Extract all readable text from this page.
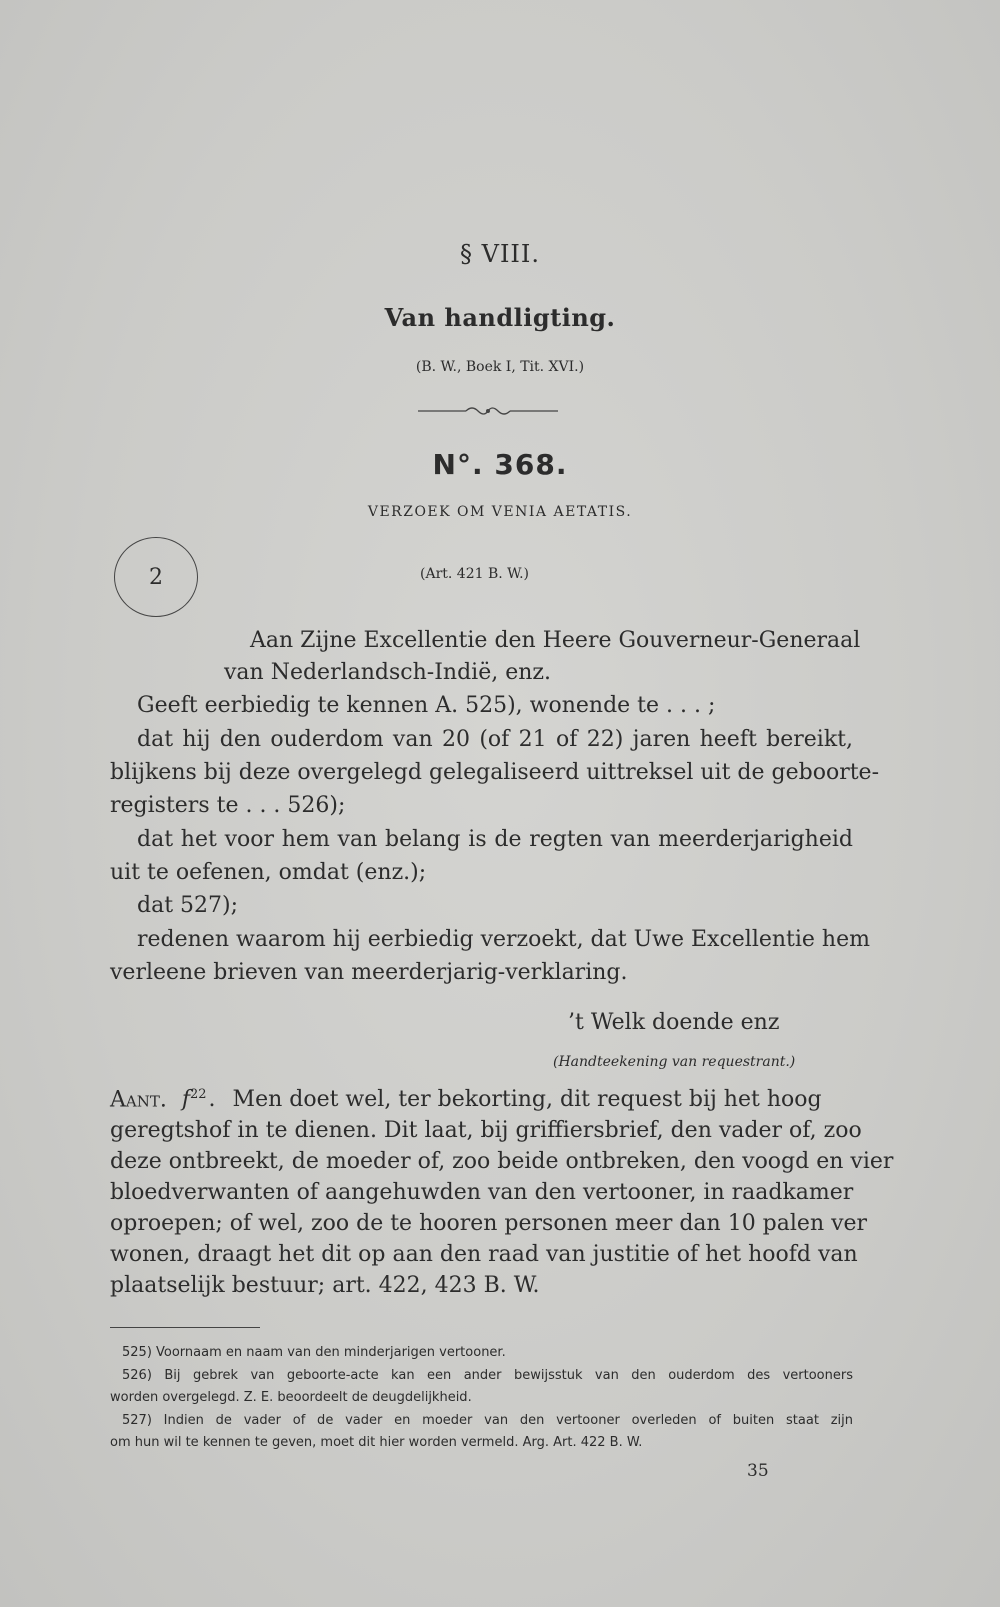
§ VIII.
Van handligting.
(B. W., Boek I, Tit. XVI.)
N°. 368.
VERZOEK OM VENIA AETATIS.
2	(Art. 421 B. W.)
Aan Zijne Excellentie den Heere Gouverneur-Generaal
van Nederlandsch-Indië, enz.
Geeft eerbiedig te kennen A. 525), wonende te . . . ;
dat hij den ouderdom van 20 (of 21 of 22) jaren heeft bereikt,
blijkens bij deze overgelegd gelegaliseerd uittreksel uit de geboorte-
registers te . . . 526);
dat het voor hem van belang is de regten van meerderjarigheid
uit te oefenen, omdat (enz.);
dat 527);
redenen waarom hij eerbiedig verzoekt, dat Uwe Excellentie hem
verleene brieven van meerderjarig-verklaring.
’t Welk doende enz
(Handteekening van requestrant.)
Aant. $f^{22}$. Men doet wel, ter bekorting, dit request bij het hoog
geregtshof in te dienen. Dit laat, bij griffiersbrief, den vader of, zoo
deze ontbreekt, de moeder of, zoo beide ontbreken, den voogd en vier
bloedverwanten of aangehuwden van den vertooner, in raadkamer
oproepen; of wel, zoo de te hooren personen meer dan 10 palen ver
wonen, draagt het dit op aan den raad van justitie of het hoofd van
plaatselijk bestuur; art. 422, 423 B. W.
525) Voornaam en naam van den minderjarigen vertooner.
526) Bij gebrek van geboorte-acte kan een ander bewijsstuk van den ouderdom des vertooners
worden overgelegd. Z. E. beoordeelt de deugdelijkheid.
527) Indien de vader of de vader en moeder van den vertooner overleden of buiten staat zijn
om hun wil te kennen te geven, moet dit hier worden vermeld. Arg. Art. 422 B. W.
35
